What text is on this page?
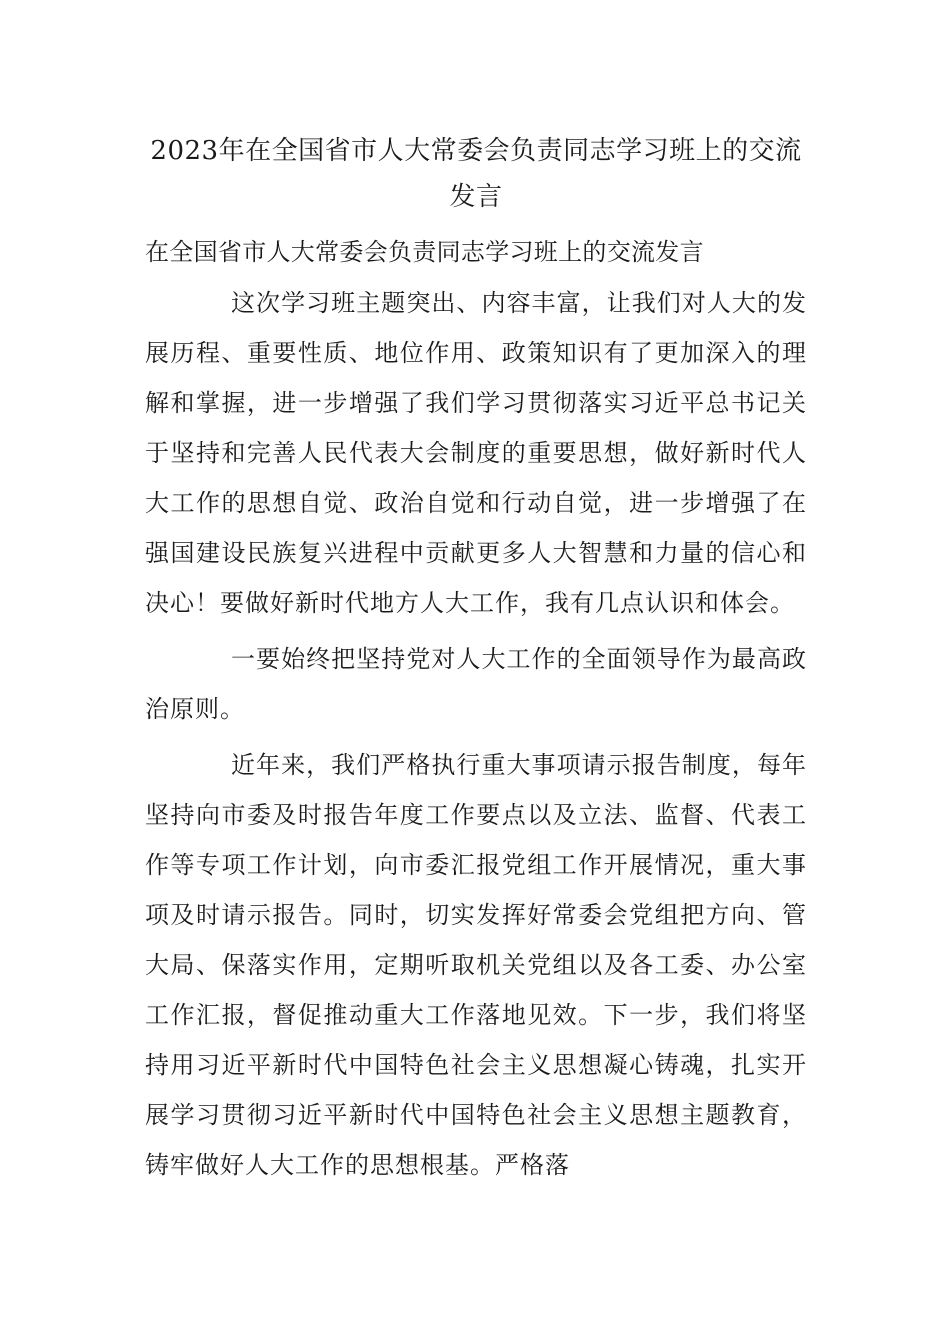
2023年在全国省市人大常委会负责同志学习班上的交流发言

在全国省市人大常委会负责同志学习班上的交流发言

这次学习班主题突出、内容丰富，让我们对人大的发展历程、重要性质、地位作用、政策知识有了更加深入的理解和掌握，进一步增强了我们学习贯彻落实习近平总书记关于坚持和完善人民代表大会制度的重要思想，做好新时代人大工作的思想自觉、政治自觉和行动自觉，进一步增强了在强国建设民族复兴进程中贡献更多人大智慧和力量的信心和决心！要做好新时代地方人大工作，我有几点认识和体会。

一要始终把坚持党对人大工作的全面领导作为最高政治原则。

近年来，我们严格执行重大事项请示报告制度，每年坚持向市委及时报告年度工作要点以及立法、监督、代表工作等专项工作计划，向市委汇报党组工作开展情况，重大事项及时请示报告。同时，切实发挥好常委会党组把方向、管大局、保落实作用，定期听取机关党组以及各工委、办公室工作汇报，督促推动重大工作落地见效。下一步，我们将坚持用习近平新时代中国特色社会主义思想凝心铸魂，扎实开展学习贯彻习近平新时代中国特色社会主义思想主题教育，铸牢做好人大工作的思想根基。严格落
